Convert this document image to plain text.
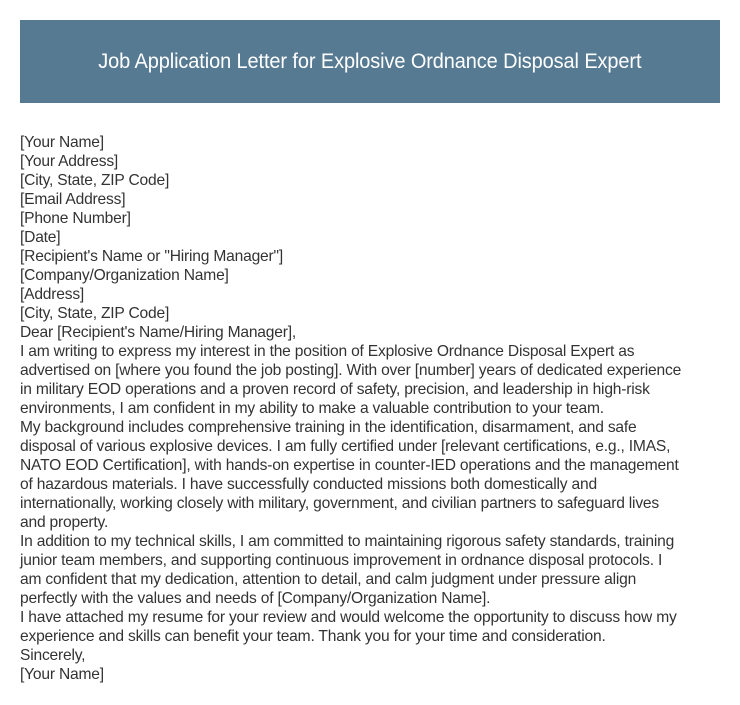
Job Application Letter for Explosive Ordnance Disposal Expert
[Your Name]
[Your Address]
[City, State, ZIP Code]
[Email Address]
[Phone Number]
[Date]
[Recipient's Name or "Hiring Manager"]
[Company/Organization Name]
[Address]
[City, State, ZIP Code]
Dear [Recipient's Name/Hiring Manager],
I am writing to express my interest in the position of Explosive Ordnance Disposal Expert as
advertised on [where you found the job posting]. With over [number] years of dedicated experience
in military EOD operations and a proven record of safety, precision, and leadership in high-risk
environments, I am confident in my ability to make a valuable contribution to your team.
My background includes comprehensive training in the identification, disarmament, and safe
disposal of various explosive devices. I am fully certified under [relevant certifications, e.g., IMAS,
NATO EOD Certification], with hands-on expertise in counter-IED operations and the management
of hazardous materials. I have successfully conducted missions both domestically and
internationally, working closely with military, government, and civilian partners to safeguard lives
and property.
In addition to my technical skills, I am committed to maintaining rigorous safety standards, training
junior team members, and supporting continuous improvement in ordnance disposal protocols. I
am confident that my dedication, attention to detail, and calm judgment under pressure align
perfectly with the values and needs of [Company/Organization Name].
I have attached my resume for your review and would welcome the opportunity to discuss how my
experience and skills can benefit your team. Thank you for your time and consideration.
Sincerely,
[Your Name]
